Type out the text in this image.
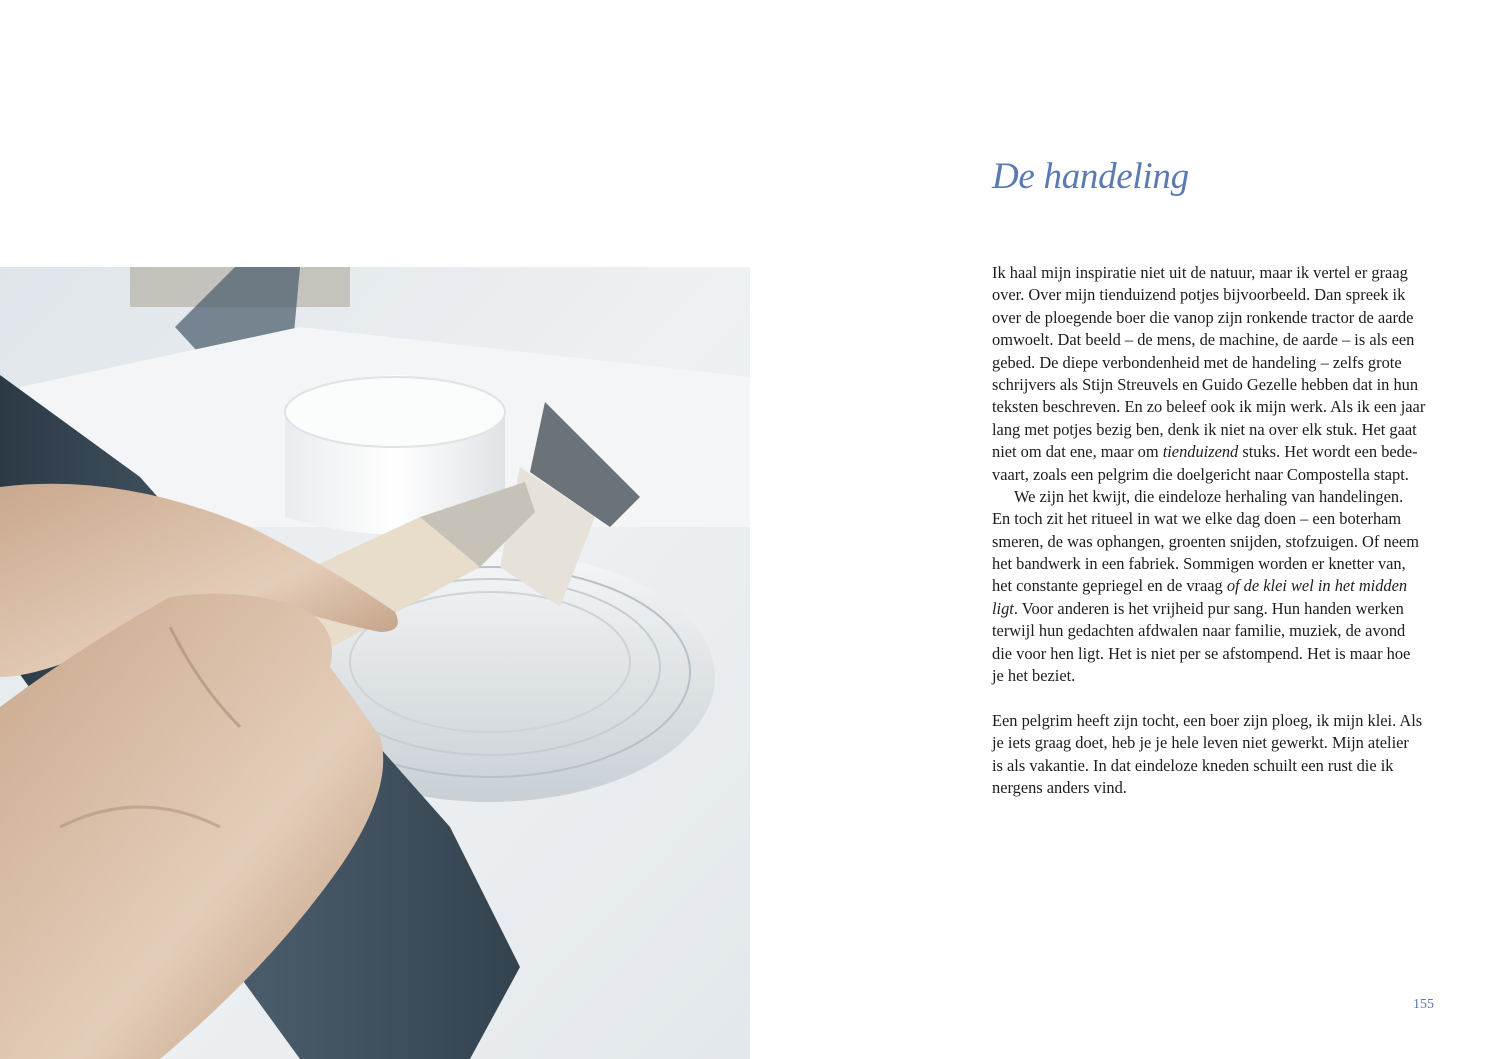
De handeling
Ik haal mijn inspiratie niet uit de natuur, maar ik vertel er graag
over. Over mijn tienduizend potjes bijvoorbeeld. Dan spreek ik
over de ploegende boer die vanop zijn ronkende tractor de aarde
omwoelt. Dat beeld – de mens, de machine, de aarde – is als een
gebed. De diepe verbondenheid met de handeling – zelfs grote
schrijvers als Stijn Streuvels en Guido Gezelle hebben dat in hun
teksten beschreven. En zo beleef ook ik mijn werk. Als ik een jaar
lang met potjes bezig ben, denk ik niet na over elk stuk. Het gaat
niet om dat ene, maar om tienduizend stuks. Het wordt een bede-
vaart, zoals een pelgrim die doelgericht naar Compostella stapt.
We zijn het kwijt, die eindeloze herhaling van handelingen.
En toch zit het ritueel in wat we elke dag doen – een boterham
smeren, de was ophangen, groenten snijden, stofzuigen. Of neem
het bandwerk in een fabriek. Sommigen worden er knetter van,
het constante gepriegel en de vraag of de klei wel in het midden
ligt. Voor anderen is het vrijheid pur sang. Hun handen werken
terwijl hun gedachten afdwalen naar familie, muziek, de avond
die voor hen ligt. Het is niet per se afstompend. Het is maar hoe
je het beziet.
Een pelgrim heeft zijn tocht, een boer zijn ploeg, ik mijn klei. Als
je iets graag doet, heb je je hele leven niet gewerkt. Mijn atelier
is als vakantie. In dat eindeloze kneden schuilt een rust die ik
nergens anders vind.
155
